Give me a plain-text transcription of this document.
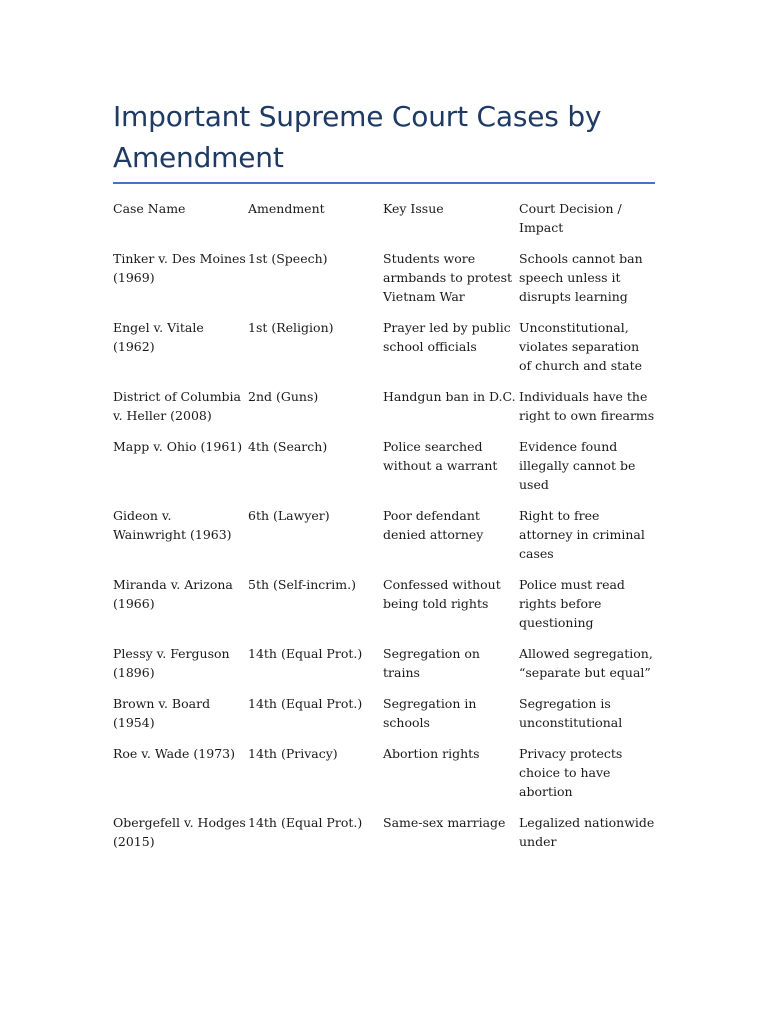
Important Supreme Court Cases by Amendment
Case Name	Amendment	Key Issue	Court Decision / Impact
Tinker v. Des Moines (1969)	1st (Speech)	Students wore armbands to protest Vietnam War	Schools cannot ban speech unless it disrupts learning
Engel v. Vitale (1962)	1st (Religion)	Prayer led by public school officials	Unconstitutional, violates separation of church and state
District of Columbia v. Heller (2008)	2nd (Guns)	Handgun ban in D.C.	Individuals have the right to own firearms
Mapp v. Ohio (1961)	4th (Search)	Police searched without a warrant	Evidence found illegally cannot be used
Gideon v. Wainwright (1963)	6th (Lawyer)	Poor defendant denied attorney	Right to free attorney in criminal cases
Miranda v. Arizona (1966)	5th (Self-incrim.)	Confessed without being told rights	Police must read rights before questioning
Plessy v. Ferguson (1896)	14th (Equal Prot.)	Segregation on trains	Allowed segregation, “separate but equal”
Brown v. Board (1954)	14th (Equal Prot.)	Segregation in schools	Segregation is unconstitutional
Roe v. Wade (1973)	14th (Privacy)	Abortion rights	Privacy protects choice to have abortion
Obergefell v. Hodges (2015)	14th (Equal Prot.)	Same-sex marriage	Legalized nationwide under
